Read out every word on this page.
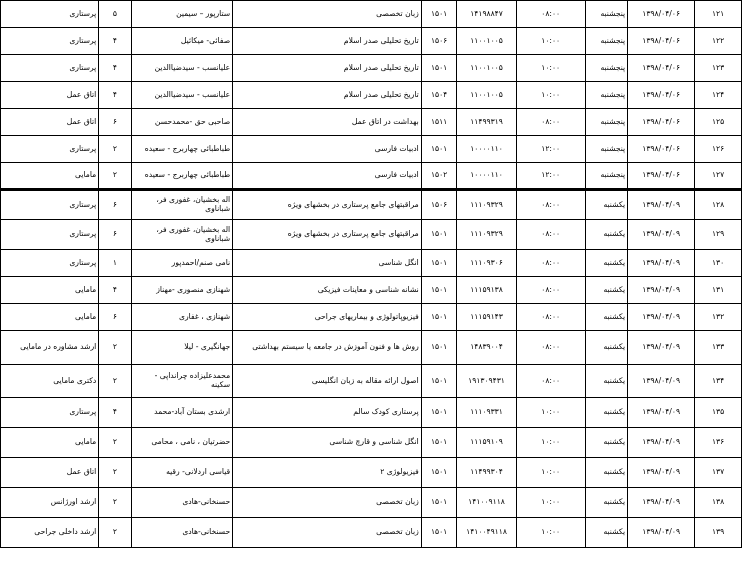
۱۲۱	۱۳۹۸/۰۴/۰۶	پنجشنبه	۰۸:۰۰	۱۴۱۹۸۸۴۷	۱۵۰۱	زبان تخصصی	ستارپور – سیمین	۵	پرستاری
۱۲۲	۱۳۹۸/۰۴/۰۶	پنجشنبه	۱۰:۰۰	۱۱۰۰۱۰۰۵	۱۵۰۶	تاریخ تحلیلی صدر اسلام	صفائی- میکائیل	۴	پرستاری
۱۲۳	۱۳۹۸/۰۴/۰۶	پنجشنبه	۱۰:۰۰	۱۱۰۰۱۰۰۵	۱۵۰۱	تاریخ تحلیلی صدر اسلام	علیانسب - سیدضیاالدین	۴	پرستاری
۱۲۴	۱۳۹۸/۰۴/۰۶	پنجشنبه	۱۰:۰۰	۱۱۰۰۱۰۰۵	۱۵۰۴	تاریخ تحلیلی صدر اسلام	علیانسب - سیدضیاالدین	۴	اتاق عمل
۱۲۵	۱۳۹۸/۰۴/۰۶	پنجشنبه	۰۸:۰۰	۱۱۴۹۹۳۱۹	۱۵۱۱	بهداشت در اتاق عمل	صاحبی حق -محمدحسن	۶	اتاق عمل
۱۲۶	۱۳۹۸/۰۴/۰۶	پنجشنبه	۱۲:۰۰	۱۰۰۰۰۱۱۰	۱۵۰۱	ادبیات فارسی	طباطبائی چهاربرج - سعیده	۲	پرستاری
۱۲۷	۱۳۹۸/۰۴/۰۶	پنجشنبه	۱۲:۰۰	۱۰۰۰۰۱۱۰	۱۵۰۲	ادبیات فارسی	طباطبائی چهاربرج - سعیده	۲	مامایی
۱۲۸	۱۳۹۸/۰۴/۰۹	یکشنبه	۰۸:۰۰	۱۱۱۰۹۳۲۹	۱۵۰۶	مراقبتهای جامع پرستاری در بخشهای ویژه	اله بخشیان، غفوری فر، شباناوی	۶	پرستاری
۱۲۹	۱۳۹۸/۰۴/۰۹	یکشنبه	۰۸:۰۰	۱۱۱۰۹۳۲۹	۱۵۰۱	مراقبتهای جامع پرستاری در بخشهای ویژه	اله بخشیان، غفوری فر، شباناوی	۶	پرستاری
۱۳۰	۱۳۹۸/۰۴/۰۹	یکشنبه	۰۸:۰۰	۱۱۱۰۹۳۰۶	۱۵۰۱	انگل شناسی	نامی صنم/احمدپور	۱	پرستاری
۱۳۱	۱۳۹۸/۰۴/۰۹	یکشنبه	۰۸:۰۰	۱۱۱۵۹۱۳۸	۱۵۰۱	نشانه شناسی و معاینات فیزیکی	شهنازی منصوری -مهناز	۴	مامایی
۱۳۲	۱۳۹۸/۰۴/۰۹	یکشنبه	۰۸:۰۰	۱۱۱۵۹۱۴۳	۱۵۰۱	فیزیوپاتولوژی و بیماریهای جراحی	شهنازی ، غفاری	۶	مامایی
۱۳۳	۱۳۹۸/۰۴/۰۹	یکشنبه	۰۸:۰۰	۱۴۸۳۹۰۰۴	۱۵۰۱	روش ها و فنون آموزش در جامعه یا سیستم بهداشتی	جهانگیری - لیلا	۲	ارشد مشاوره در مامایی
۱۳۴	۱۳۹۸/۰۴/۰۹	یکشنبه	۰۸:۰۰	۱۹۱۳۰۹۴۳۱	۱۵۰۱	اصول ارائه مقاله به زبان انگلیسی	محمدعلیزاده چرانداپی - سکینه	۲	دکتری مامایی
۱۳۵	۱۳۹۸/۰۴/۰۹	یکشنبه	۱۰:۰۰	۱۱۱۰۹۳۳۱	۱۵۰۱	پرستاری کودک سالم	ارشدی بستان آباد-محمد	۴	پرستاری
۱۳۶	۱۳۹۸/۰۴/۰۹	یکشنبه	۱۰:۰۰	۱۱۱۵۹۱۰۹	۱۵۰۱	انگل شناسی و قارچ شناسی	حضرتیان ، نامی ، محامی	۲	مامایی
۱۳۷	۱۳۹۸/۰۴/۰۹	یکشنبه	۱۰:۰۰	۱۱۴۹۹۳۰۴	۱۵۰۱	فیزیولوژی ۲	قیاسی اردلانی- رقیه	۲	اتاق عمل
۱۳۸	۱۳۹۸/۰۴/۰۹	یکشنبه	۱۰:۰۰	۱۴۱۰۰۹۱۱۸	۱۵۰۱	زبان تخصصی	حسنخانی-هادی	۲	ارشد اورژانس
۱۳۹	۱۳۹۸/۰۴/۰۹	یکشنبه	۱۰:۰۰	۱۴۱۰۰۴۹۱۱۸	۱۵۰۱	زبان تخصصی	حسنخانی-هادی	۲	ارشد داخلی جراحی
